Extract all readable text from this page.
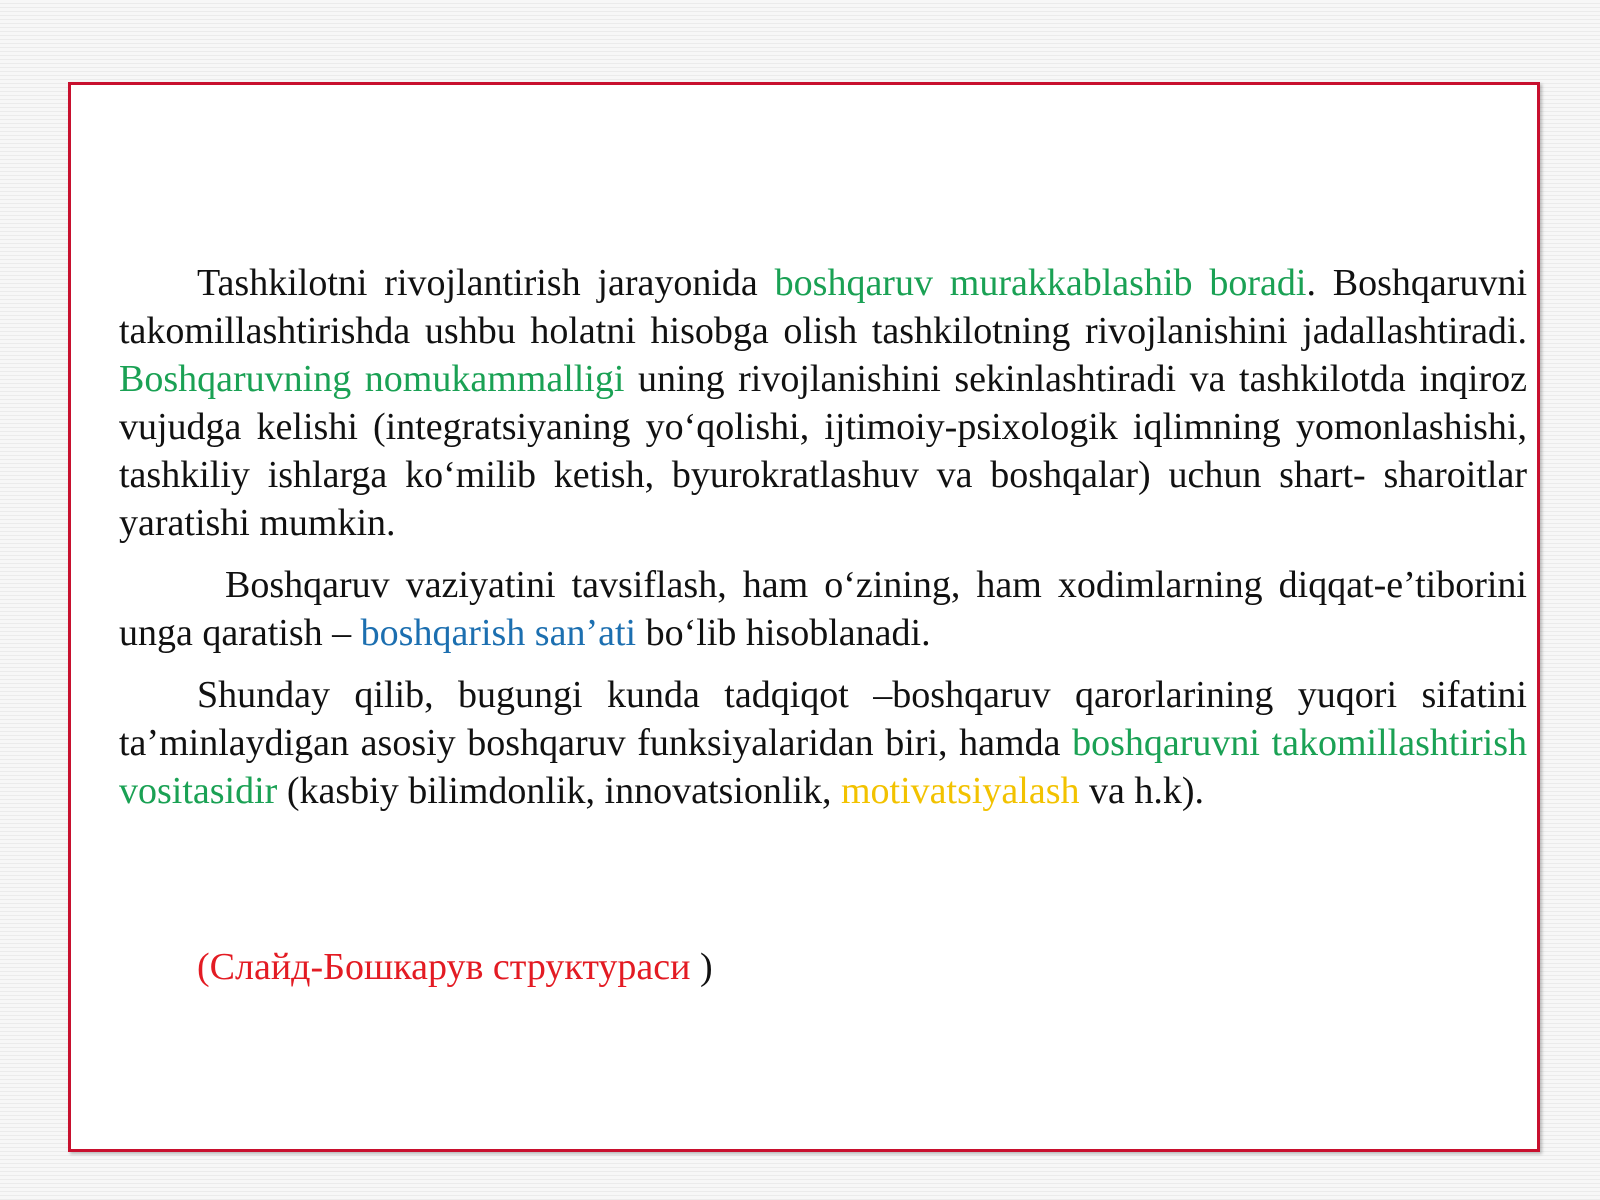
Tashkilotni rivojlantirish jarayonida boshqaruv murakkablashib boradi. Boshqaruvni takomillashtirishda ushbu holatni hisobga olish tashkilotning rivojlanishini jadallashtiradi. Boshqaruvning nomukammalligi uning rivojlanishini sekinlashtiradi va tashkilotda inqiroz vujudga kelishi (integratsiyaning yo‘qolishi, ijtimoiy-psixologik iqlimning yomonlashishi, tashkiliy ishlarga ko‘milib ketish, byurokratlashuv va boshqalar) uchun shart- sharoitlar yaratishi mumkin.

Boshqaruv vaziyatini tavsiflash, ham o‘zining, ham xodimlarning diqqat-e’tiborini unga qaratish – boshqarish san’ati bo‘lib hisoblanadi.

Shunday qilib, bugungi kunda tadqiqot –boshqaruv qarorlarining yuqori sifatini ta’minlaydigan asosiy boshqaruv funksiyalaridan biri, hamda boshqaruvni takomillashtirish vositasidir (kasbiy bilimdonlik, innovatsionlik, motivatsiyalash va h.k).

(Слайд-Бошкарув структураси )
